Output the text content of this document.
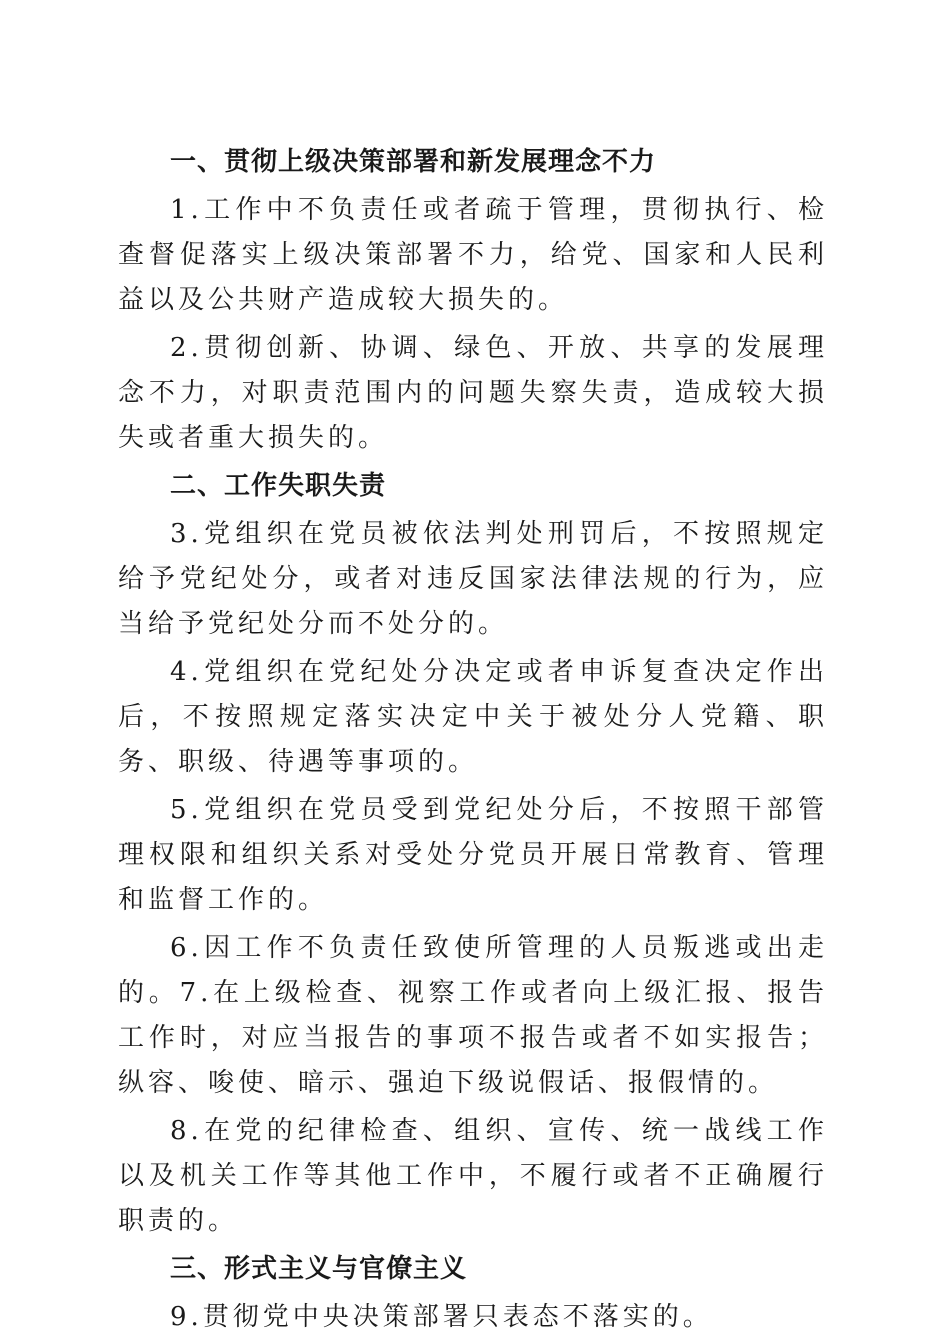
一、贯彻上级决策部署和新发展理念不力
1.工作中不负责任或者疏于管理，贯彻执行、检查督促落实上级决策部署不力，给党、国家和人民利益以及公共财产造成较大损失的。
2.贯彻创新、协调、绿色、开放、共享的发展理念不力，对职责范围内的问题失察失责，造成较大损失或者重大损失的。
二、工作失职失责
3.党组织在党员被依法判处刑罚后，不按照规定给予党纪处分，或者对违反国家法律法规的行为，应当给予党纪处分而不处分的。
4.党组织在党纪处分决定或者申诉复查决定作出后，不按照规定落实决定中关于被处分人党籍、职务、职级、待遇等事项的。
5.党组织在党员受到党纪处分后，不按照干部管理权限和组织关系对受处分党员开展日常教育、管理和监督工作的。
6.因工作不负责任致使所管理的人员叛逃或出走的。7.在上级检查、视察工作或者向上级汇报、报告工作时，对应当报告的事项不报告或者不如实报告；纵容、唆使、暗示、强迫下级说假话、报假情的。
8.在党的纪律检查、组织、宣传、统一战线工作以及机关工作等其他工作中，不履行或者不正确履行职责的。
三、形式主义与官僚主义
9.贯彻党中央决策部署只表态不落实的。
